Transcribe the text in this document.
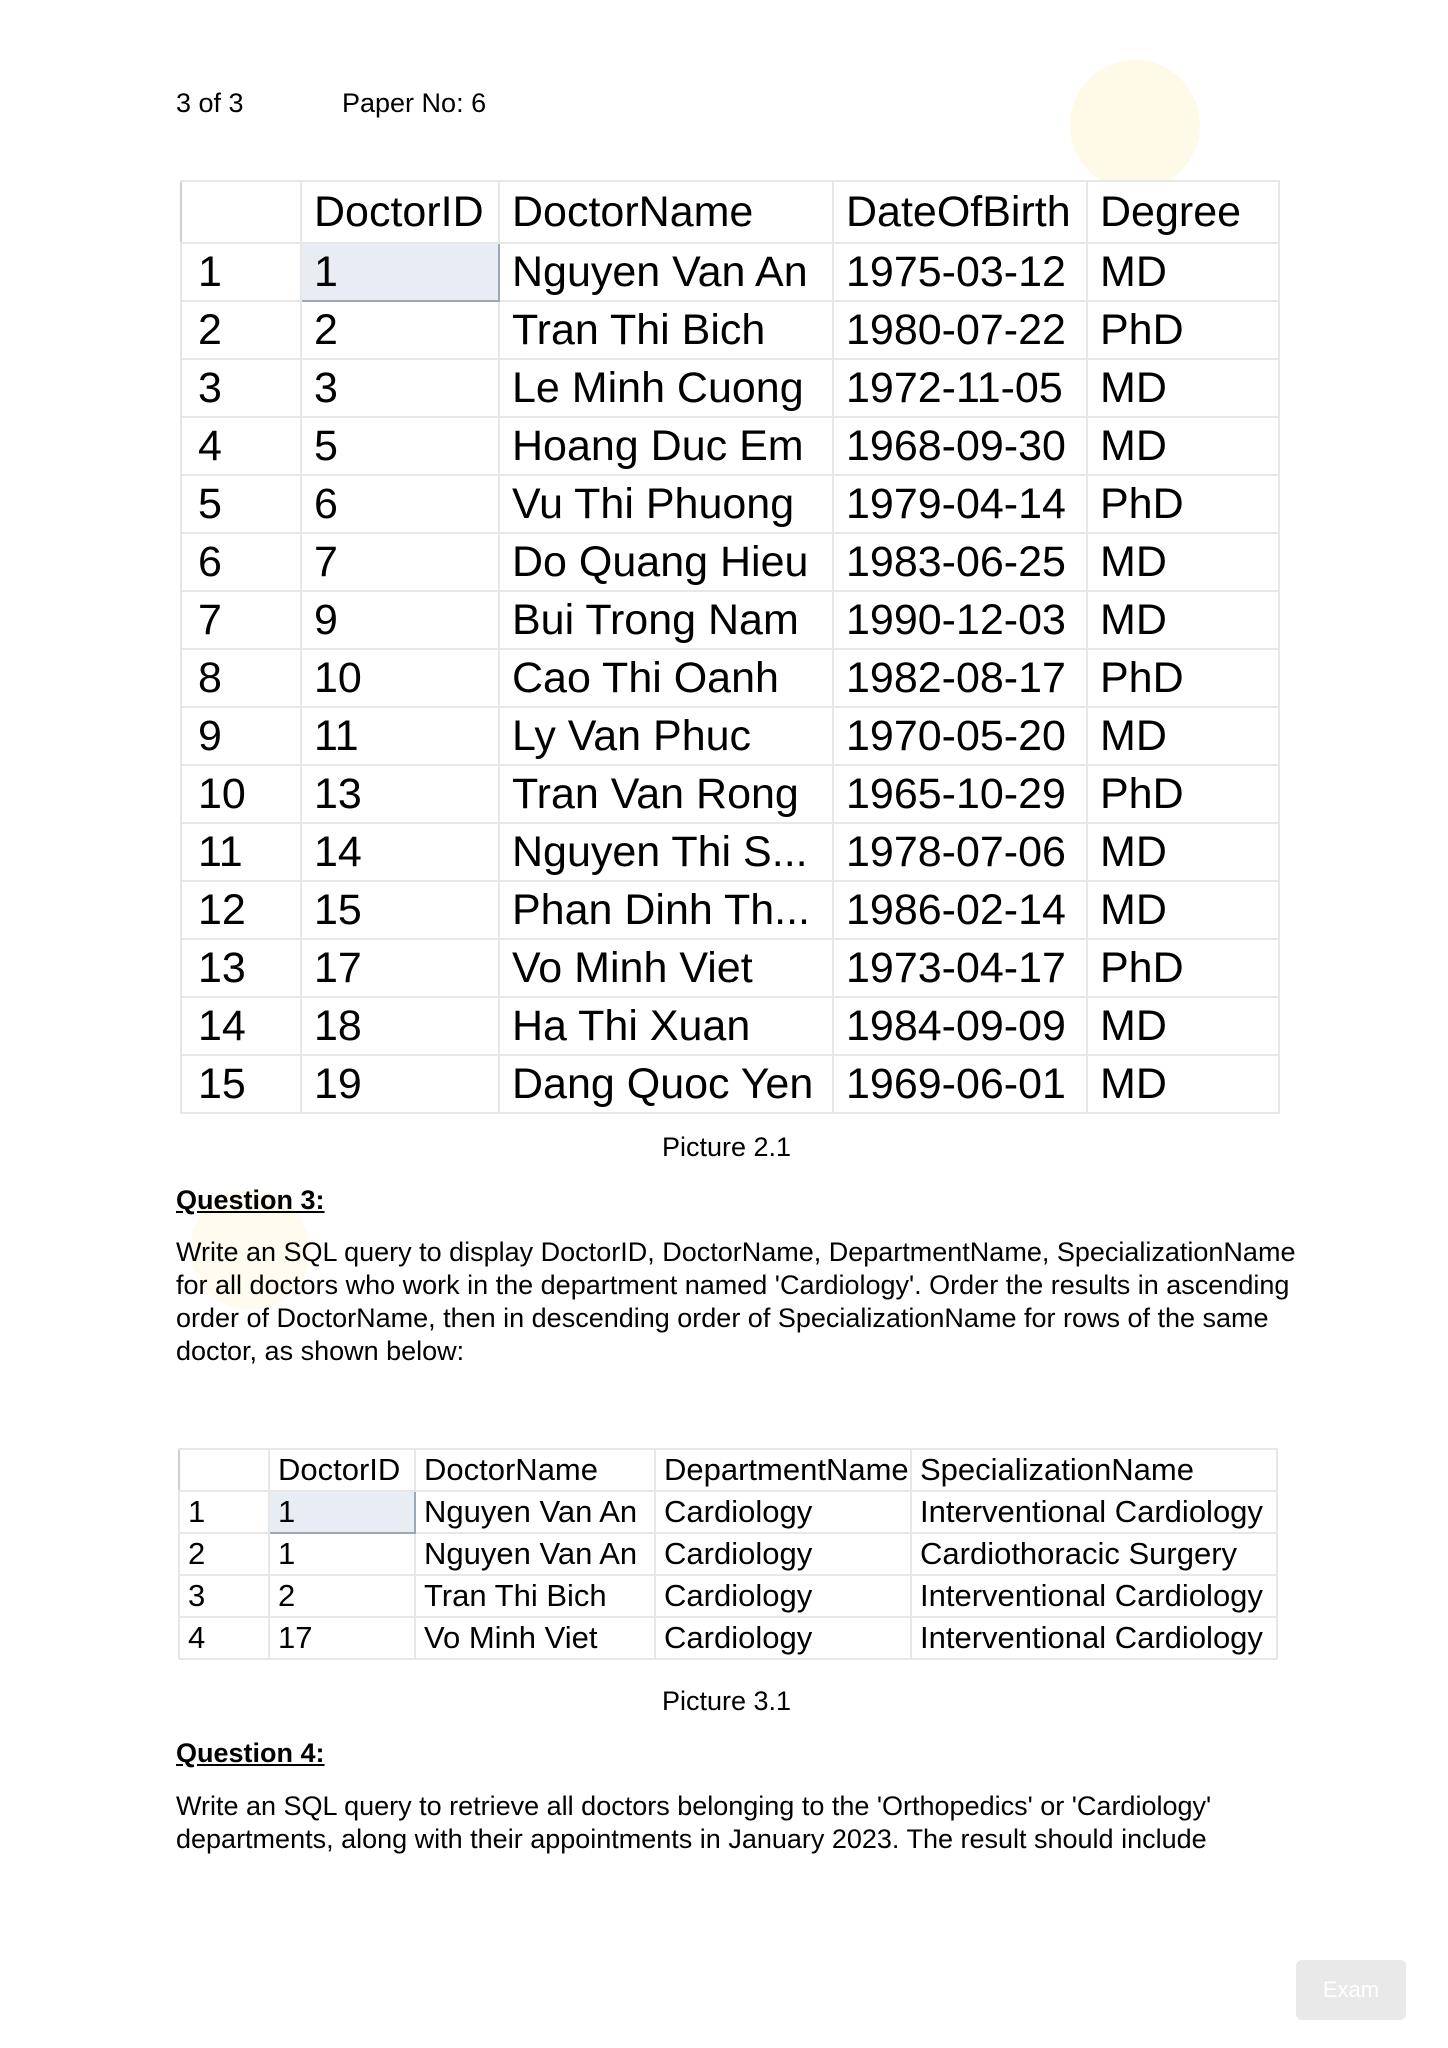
3 of 3	Paper No: 6
	DoctorID	DoctorName	DateOfBirth	Degree
1	1	Nguyen Van An	1975-03-12	MD
2	2	Tran Thi Bich	1980-07-22	PhD
3	3	Le Minh Cuong	1972-11-05	MD
4	5	Hoang Duc Em	1968-09-30	MD
5	6	Vu Thi Phuong	1979-04-14	PhD
6	7	Do Quang Hieu	1983-06-25	MD
7	9	Bui Trong Nam	1990-12-03	MD
8	10	Cao Thi Oanh	1982-08-17	PhD
9	11	Ly Van Phuc	1970-05-20	MD
10	13	Tran Van Rong	1965-10-29	PhD
11	14	Nguyen Thi S...	1978-07-06	MD
12	15	Phan Dinh Th...	1986-02-14	MD
13	17	Vo Minh Viet	1973-04-17	PhD
14	18	Ha Thi Xuan	1984-09-09	MD
15	19	Dang Quoc Yen	1969-06-01	MD
Picture 2.1
Question 3:
Write an SQL query to display DoctorID, DoctorName, DepartmentName, SpecializationName for all doctors who work in the department named 'Cardiology'. Order the results in ascending order of DoctorName, then in descending order of SpecializationName for rows of the same doctor, as shown below:
	DoctorID	DoctorName	DepartmentName	SpecializationName
1	1	Nguyen Van An	Cardiology	Interventional Cardiology
2	1	Nguyen Van An	Cardiology	Cardiothoracic Surgery
3	2	Tran Thi Bich	Cardiology	Interventional Cardiology
4	17	Vo Minh Viet	Cardiology	Interventional Cardiology
Picture 3.1
Question 4:
Write an SQL query to retrieve all doctors belonging to the 'Orthopedics' or 'Cardiology' departments, along with their appointments in January 2023. The result should include
Exam
